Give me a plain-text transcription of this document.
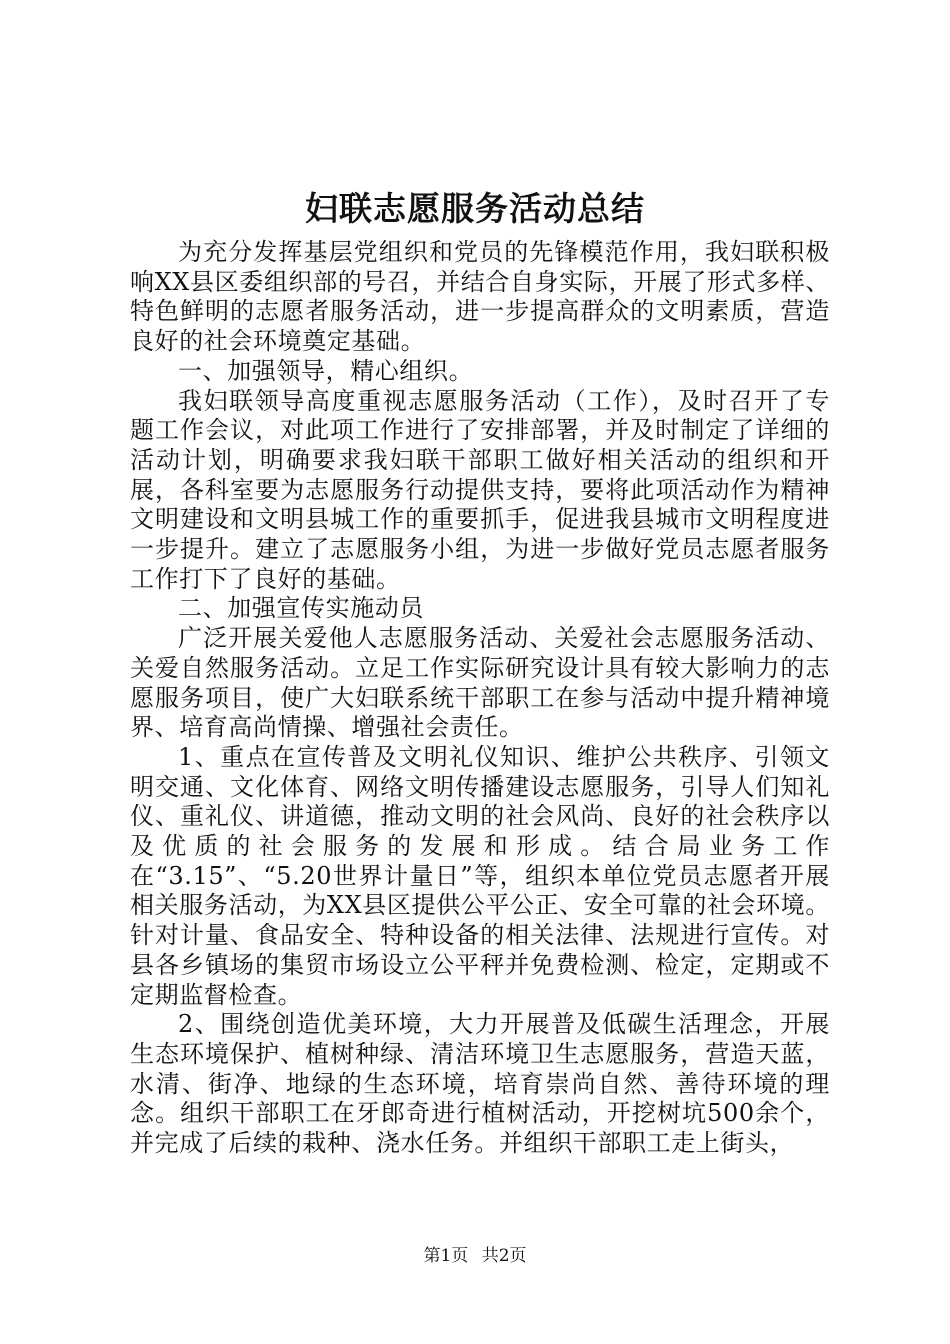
妇联志愿服务活动总结

为充分发挥基层党组织和党员的先锋模范作用，我妇联积极响XX县区委组织部的号召，并结合自身实际，开展了形式多样、特色鲜明的志愿者服务活动，进一步提高群众的文明素质，营造良好的社会环境奠定基础。

一、加强领导，精心组织。

我妇联领导高度重视志愿服务活动（工作），及时召开了专题工作会议，对此项工作进行了安排部署，并及时制定了详细的活动计划，明确要求我妇联干部职工做好相关活动的组织和开展，各科室要为志愿服务行动提供支持，要将此项活动作为精神文明建设和文明县城工作的重要抓手，促进我县城市文明程度进一步提升。建立了志愿服务小组，为进一步做好党员志愿者服务工作打下了良好的基础。

二、加强宣传实施动员

广泛开展关爱他人志愿服务活动、关爱社会志愿服务活动、关爱自然服务活动。立足工作实际研究设计具有较大影响力的志愿服务项目，使广大妇联系统干部职工在参与活动中提升精神境界、培育高尚情操、增强社会责任。

1、重点在宣传普及文明礼仪知识、维护公共秩序、引领文明交通、文化体育、网络文明传播建设志愿服务，引导人们知礼仪、重礼仪、讲道德，推动文明的社会风尚、良好的社会秩序以及优质的社会服务的发展和形成。结合局业务工作在“3.15”、“5.20世界计量日”等，组织本单位党员志愿者开展相关服务活动，为XX县区提供公平公正、安全可靠的社会环境。针对计量、食品安全、特种设备的相关法律、法规进行宣传。对县各乡镇场的集贸市场设立公平秤并免费检测、检定，定期或不定期监督检查。

2、围绕创造优美环境，大力开展普及低碳生活理念，开展生态环境保护、植树种绿、清洁环境卫生志愿服务，营造天蓝，水清、街净、地绿的生态环境，培育崇尚自然、善待环境的理念。组织干部职工在牙郎奇进行植树活动，开挖树坑500余个，并完成了后续的栽种、浇水任务。并组织干部职工走上街头，

第1页 共2页
